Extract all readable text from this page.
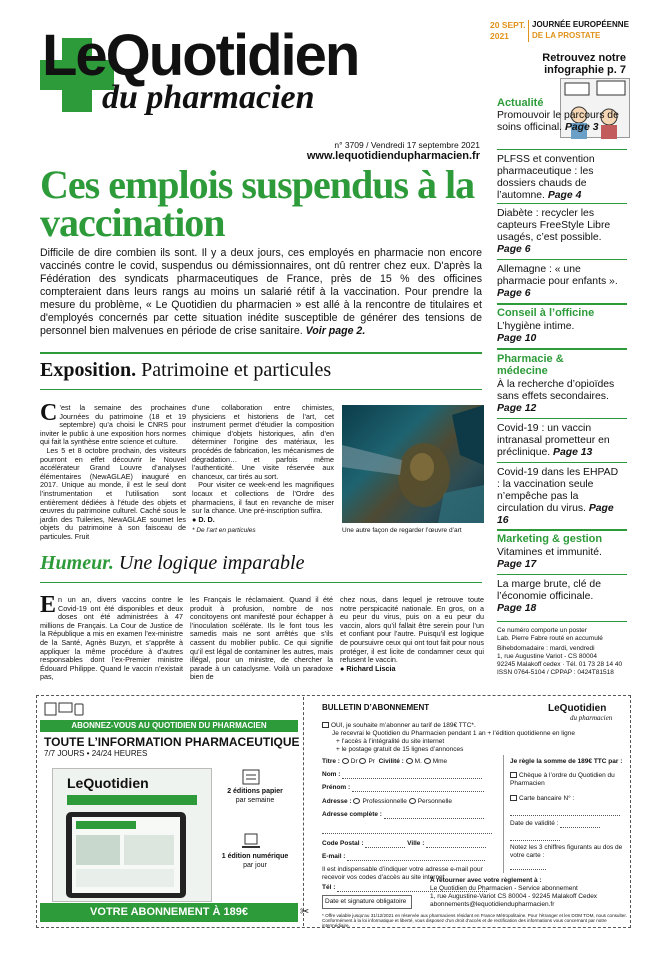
LeQuotidien
du pharmacien
n° 3709 / Vendredi 17 septembre 2021
www.lequotidiendupharmacien.fr
Ces emplois suspendus à la vaccination
Difficile de dire combien ils sont. Il y a deux jours, ces employés en pharmacie non encore vaccinés contre le covid, suspendus ou démissionnaires, ont dû rentrer chez eux. D'après la Fédération des syndicats pharmaceutiques de France, près de 15 % des officines compteraient dans leurs rangs au moins un salarié rétif à la vaccination. Pour prendre la mesure du problème, « Le Quotidien du pharmacien » est allé à la rencontre de titulaires et d'employés concernés par cette situation inédite susceptible de générer des tensions de personnel bien malvenues en période de crise sanitaire. Voir page 2.
Exposition. Patrimoine et particules
C ’est la semaine des prochaines Journées du patrimoine (18 et 19 septembre) qu’a choisi le CNRS pour inviter le public à une exposition hors normes qui fait la synthèse entre science et culture.
Les 5 et 8 octobre prochain, des visiteurs pourront en effet découvrir le Nouvel accélérateur Grand Louvre d’analyses élémentaires (NewAGLAE) inauguré en 2017. Unique au monde, il est le seul dont l’instrumentation et l’utilisation sont entièrement dédiées à l’étude des objets et œuvres du patrimoine culturel. Caché sous le jardin des Tuileries, NewAGLAE soumet les objets du patrimoine à son faisceau de particules. Fruit
d’une collaboration entre chimistes, physiciens et historiens de l’art, cet instrument permet d’étudier la composition chimique d’objets historiques, afin d’en déterminer l’origine des matériaux, les procédés de fabrication, les mécanismes de dégradation… et parfois même l’authenticité. Une visite réservée aux chanceux, car tirés au sort.
Pour visiter ce week-end les magnifiques locaux et collections de l’Ordre des pharmaciens, il faut en revanche de miser sur la chance. Une pré-inscription suffira.
● D. D.
* De l’art en particules	Une autre façon de regarder l’œuvre d’art
Humeur. Une logique imparable
En un an, divers vaccins contre le Covid-19 ont été disponibles et deux doses ont été administrées à 47 millions de Français. La Cour de Justice de la République a mis en examen l’ex-ministre de la Santé, Agnès Buzyn, et s’apprête à appliquer la même procédure à d’autres responsables dont l’ex-Premier ministre Édouard Philippe. Quand le vaccin n’existait pas,
les Français le réclamaient. Quand il été produit à profusion, nombre de nos concitoyens ont manifesté pour échapper à l’inoculation scélérate. Ils le font tous les samedis mais ne sont arrêtés que s’ils cassent du mobilier public. Ce qui signifie qu’il est légal de contaminer les autres, mais illégal, pour un ministre, de chercher la parade à un cataclysme. Voilà un paradoxe bien de
chez nous, dans lequel je retrouve toute notre perspicacité nationale. En gros, on a eu peur du virus, puis on a eu peur du vaccin, alors qu’il fallait être serein pour l’un et confiant pour l’autre. Puisqu’il est logique de poursuivre ceux qui ont tout fait pour nous protéger, il est licite de condamner ceux qui refusent le vaccin.
● Richard Liscia
20 SEPT.
2021
JOURNÉE EUROPÉENNE
DE LA PROSTATE
Retrouvez notre infographie p. 7
Actualité
Promouvoir le parcours de soins officinal. Page 3
PLFSS et convention pharmaceutique : les dossiers chauds de l’automne. Page 4
Diabète : recycler les capteurs FreeStyle Libre usagés, c’est possible. Page 6
Allemagne : « une pharmacie pour enfants ». Page 6
Conseil à l’officine
L’hygiène intime.
Page 10
Pharmacie & médecine
À la recherche d’opioïdes sans effets secondaires. Page 12
Covid-19 : un vaccin intranasal prometteur en préclinique. Page 13
Covid-19 dans les EHPAD : la vaccination seule n’empêche pas la circulation du virus. Page 16
Marketing & gestion
Vitamines et immunité.
Page 17
La marge brute, clé de l’économie officinale.
Page 18
Ce numéro comporte un poster
Lab. Pierre Fabre routé en accumulé
Bihebdomadaire : mardi, vendredi
1, rue Augustine Variot - CS 80004
92245 Malakoff cedex · Tél. 01 73 28 14 40
ISSN 0764-5104 / CPPAP : 0424T81518
ABONNEZ-VOUS AU QUOTIDIEN DU PHARMACIEN
TOUTE L’INFORMATION PHARMACEUTIQUE
7/7 JOURS • 24/24 HEURES
LeQuotidien
2 éditions papier
par semaine
1 édition numérique
par jour
VOTRE ABONNEMENT À 189€	✂
BULLETIN D’ABONNEMENT	LeQuotidien
du pharmacien
OUI, je souhaite m’abonner au tarif de 189€ TTC*.
Je recevrai le Quotidien du Pharmacien pendant 1 an + l’édition quotidienne en ligne
+ l’accès à l’intégralité du site internet
+ le postage gratuit de 15 lignes d’annonces
Titre : Dr Pr Civilité : M. Mme
Nom :
Prénom :
Adresse : Professionnelle Personnelle
Adresse complète :
Code Postal :	Ville :
E-mail :
Il est indispensable d’indiquer votre adresse e-mail pour recevoir vos codes d’accès au site internet
Tél :
Date et signature obligatoire
À retourner avec votre règlement à :
Le Quotidien du Pharmacien - Service abonnement
1, rue Augustine-Variot CS 80004 - 92245 Malakoff Cedex
abonnements@lequotidiendupharmacien.fr
Je règle la somme de 189€ TTC par :
Chèque à l’ordre du Quotidien du Pharmacien
Carte bancaire N° :
Date de validité :
Notez les 3 chiffres figurants au dos de votre carte :
* Offre valable jusqu’au 31/12/2021 en réservée aux pharmaciens résidant en France Métropolitaine. Pour l’étranger et les DOM TOM, nous consulter. Conformément à la loi informatique et liberté, vous disposez d’un droit d’accès et de rectification des informations vous concernant par notre intermédiaire.
